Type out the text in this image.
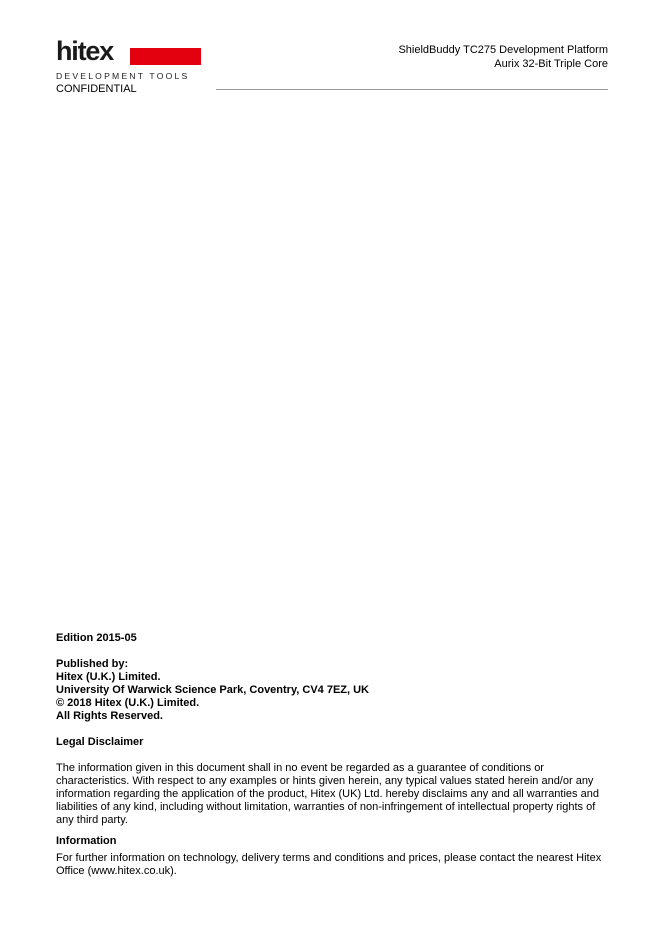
hitex
DEVELOPMENT TOOLS
CONFIDENTIAL
ShieldBuddy TC275 Development Platform
Aurix 32-Bit Triple Core
Edition 2015-05
Published by:
Hitex (U.K.) Limited.
University Of Warwick Science Park, Coventry, CV4 7EZ, UK
© 2018 Hitex (U.K.) Limited.
All Rights Reserved.
Legal Disclaimer

The information given in this document shall in no event be regarded as a guarantee of conditions or characteristics. With respect to any examples or hints given herein, any typical values stated herein and/or any information regarding the application of the product, Hitex (UK) Ltd. hereby disclaims any and all warranties and liabilities of any kind, including without limitation, warranties of non-infringement of intellectual property rights of any third party.

Information

For further information on technology, delivery terms and conditions and prices, please contact the nearest Hitex Office (www.hitex.co.uk).
